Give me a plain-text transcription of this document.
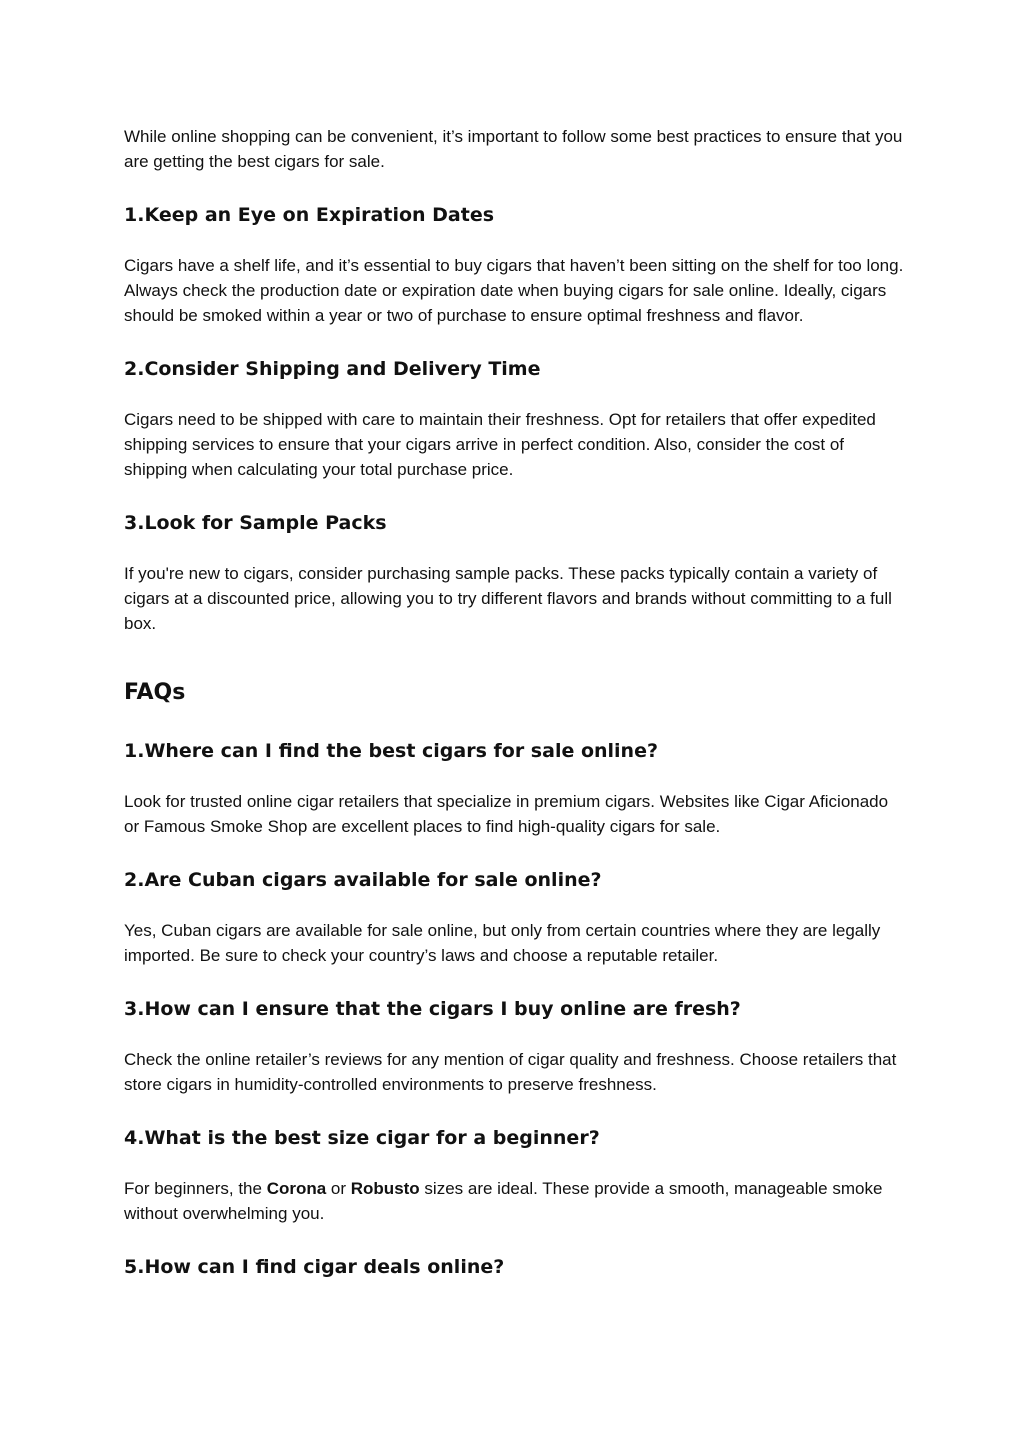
While online shopping can be convenient, it’s important to follow some best practices to ensure that you are getting the best cigars for sale.

1.Keep an Eye on Expiration Dates

Cigars have a shelf life, and it’s essential to buy cigars that haven’t been sitting on the shelf for too long. Always check the production date or expiration date when buying cigars for sale online. Ideally, cigars should be smoked within a year or two of purchase to ensure optimal freshness and flavor.

2.Consider Shipping and Delivery Time

Cigars need to be shipped with care to maintain their freshness. Opt for retailers that offer expedited shipping services to ensure that your cigars arrive in perfect condition. Also, consider the cost of shipping when calculating your total purchase price.

3.Look for Sample Packs

If you're new to cigars, consider purchasing sample packs. These packs typically contain a variety of cigars at a discounted price, allowing you to try different flavors and brands without committing to a full box.

FAQs
1.Where can I find the best cigars for sale online?

Look for trusted online cigar retailers that specialize in premium cigars. Websites like Cigar Aficionado or Famous Smoke Shop are excellent places to find high-quality cigars for sale.

2.Are Cuban cigars available for sale online?

Yes, Cuban cigars are available for sale online, but only from certain countries where they are legally imported. Be sure to check your country’s laws and choose a reputable retailer.

3.How can I ensure that the cigars I buy online are fresh?

Check the online retailer’s reviews for any mention of cigar quality and freshness. Choose retailers that store cigars in humidity-controlled environments to preserve freshness.

4.What is the best size cigar for a beginner?

For beginners, the Corona or Robusto sizes are ideal. These provide a smooth, manageable smoke without overwhelming you.

5.How can I find cigar deals online?
